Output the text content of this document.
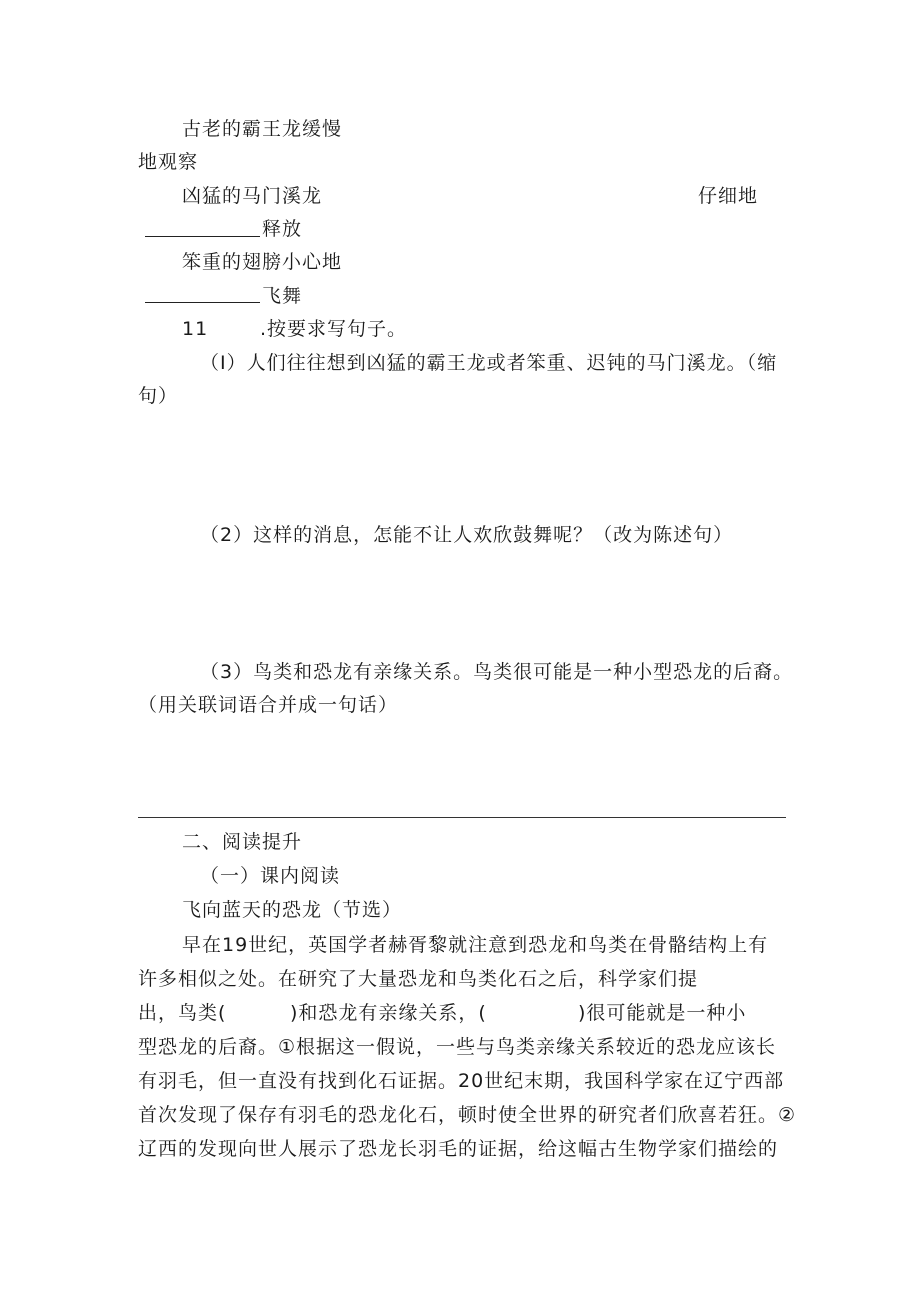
古老的霸王龙缓慢
地观察
凶猛的马门溪龙	仔细地
释放
笨重的翅膀小心地
飞舞
11	.按要求写句子。
（I）人们往往想到凶猛的霸王龙或者笨重、迟钝的马门溪龙。（缩
句）
（2）这样的消息，怎能不让人欢欣鼓舞呢？（改为陈述句）
（3）鸟类和恐龙有亲缘关系。鸟类很可能是一种小型恐龙的后裔。
（用关联词语合并成一句话）
二、阅读提升
（一）课内阅读
飞向蓝天的恐龙（节选）
早在19世纪，英国学者赫胥黎就注意到恐龙和鸟类在骨骼结构上有
许多相似之处。在研究了大量恐龙和鸟类化石之后，科学家们提
出，鸟类(	)和恐龙有亲缘关系，(	)很可能就是一种小
型恐龙的后裔。①根据这一假说，一些与鸟类亲缘关系较近的恐龙应该长
有羽毛，但一直没有找到化石证据。20世纪末期，我国科学家在辽宁西部
首次发现了保存有羽毛的恐龙化石，顿时使全世界的研究者们欣喜若狂。②
辽西的发现向世人展示了恐龙长羽毛的证据，给这幅古生物学家们描绘的
